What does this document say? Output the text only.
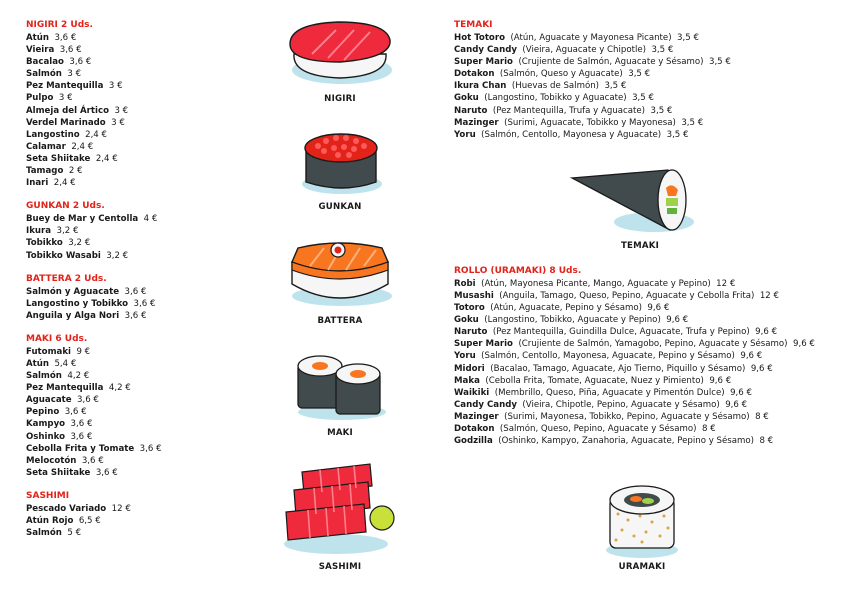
NIGIRI 2 Uds.
Atún 3,6 €
Vieira 3,6 €
Bacalao 3,6 €
Salmón 3 €
Pez Mantequilla 3 €
Pulpo 3 €
Almeja del Ártico 3 €
Verdel Marinado 3 €
Langostino 2,4 €
Calamar 2,4 €
Seta Shiitake 2,4 €
Tamago 2 €
Inari 2,4 €
GUNKAN 2 Uds.
Buey de Mar y Centolla 4 €
Ikura 3,2 €
Tobikko 3,2 €
Tobikko Wasabi 3,2 €
BATTERA 2 Uds.
Salmón y Aguacate 3,6 €
Langostino y Tobikko 3,6 €
Anguila y Alga Nori 3,6 €
MAKI 6 Uds.
Futomaki 9 €
Atún 5,4 €
Salmón 4,2 €
Pez Mantequilla 4,2 €
Aguacate 3,6 €
Pepino 3,6 €
Kampyo 3,6 €
Oshinko 3,6 €
Cebolla Frita y Tomate 3,6 €
Melocotón 3,6 €
Seta Shiitake 3,6 €
SASHIMI
Pescado Variado 12 €
Atún Rojo 6,5 €
Salmón 5 €
TEMAKI
Hot Totoro (Atún, Aguacate y Mayonesa Picante) 3,5 €
Candy Candy (Vieira, Aguacate y Chipotle) 3,5 €
Super Mario (Crujiente de Salmón, Aguacate y Sésamo) 3,5 €
Dotakon (Salmón, Queso y Aguacate) 3,5 €
Ikura Chan (Huevas de Salmón) 3,5 €
Goku (Langostino, Tobikko y Aguacate) 3,5 €
Naruto (Pez Mantequilla, Trufa y Aguacate) 3,5 €
Mazinger (Surimi, Aguacate, Tobikko y Mayonesa) 3,5 €
Yoru (Salmón, Centollo, Mayonesa y Aguacate) 3,5 €
ROLLO (URAMAKI) 8 Uds.
Robi (Atún, Mayonesa Picante, Mango, Aguacate y Pepino) 12 €
Musashi (Anguila, Tamago, Queso, Pepino, Aguacate y Cebolla Frita) 12 €
Totoro (Atún, Aguacate, Pepino y Sésamo) 9,6 €
Goku (Langostino, Tobikko, Aguacate y Pepino) 9,6 €
Naruto (Pez Mantequilla, Guindilla Dulce, Aguacate, Trufa y Pepino) 9,6 €
Super Mario (Crujiente de Salmón, Yamagobo, Pepino, Aguacate y Sésamo) 9,6 €
Yoru (Salmón, Centollo, Mayonesa, Aguacate, Pepino y Sésamo) 9,6 €
Midori (Bacalao, Tamago, Aguacate, Ajo Tierno, Piquillo y Sésamo) 9,6 €
Maka (Cebolla Frita, Tomate, Aguacate, Nuez y Pimiento) 9,6 €
Waikiki (Membrillo, Queso, Piña, Aguacate y Pimentón Dulce) 9,6 €
Candy Candy (Vieira, Chipotle, Pepino, Aguacate y Sésamo) 9,6 €
Mazinger (Surimi, Mayonesa, Tobikko, Pepino, Aguacate y Sésamo) 8 €
Dotakon (Salmón, Queso, Pepino, Aguacate y Sésamo) 8 €
Godzilla (Oshinko, Kampyo, Zanahoria, Aguacate, Pepino y Sésamo) 8 €
NIGIRI
GUNKAN
BATTERA
MAKI
SASHIMI
TEMAKI
URAMAKI
